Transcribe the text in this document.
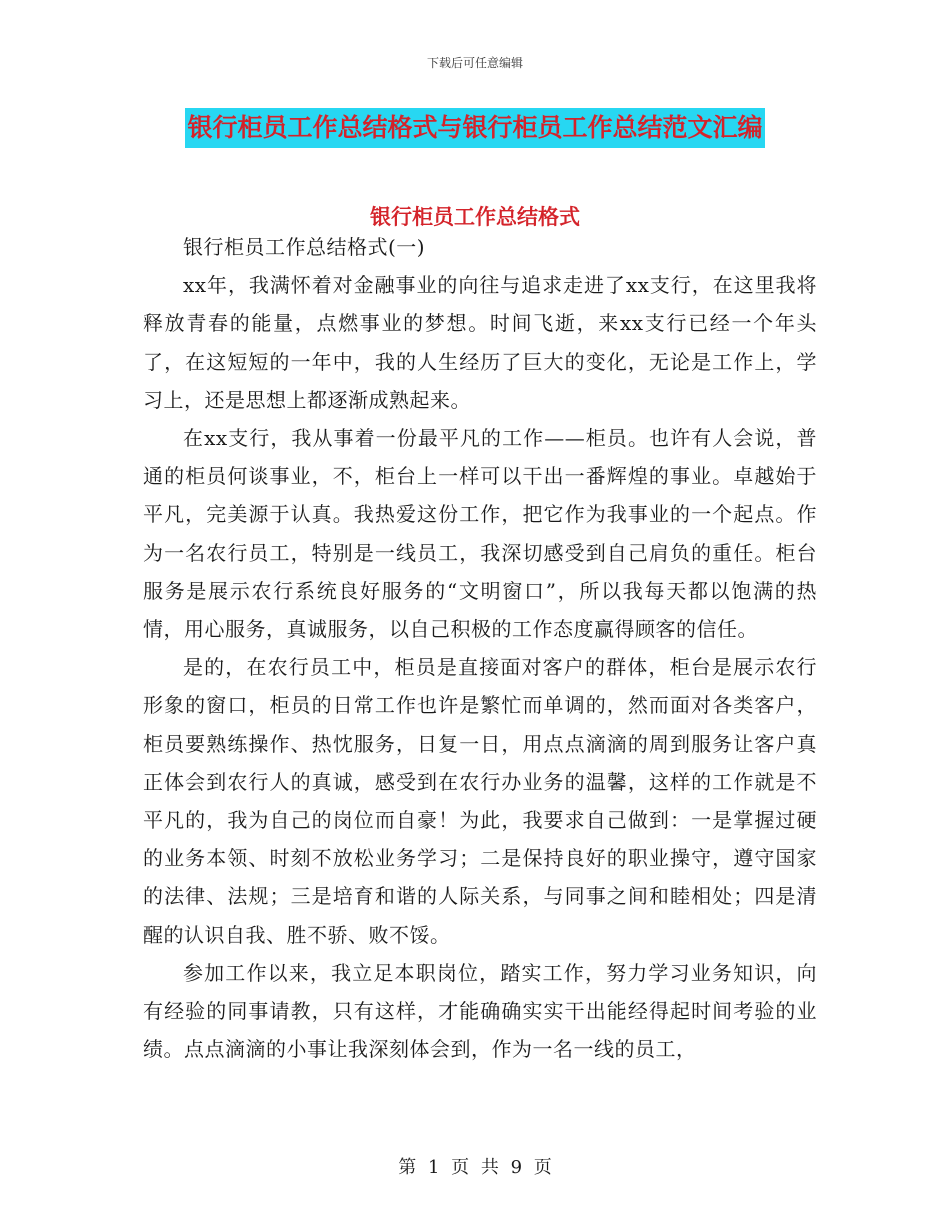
下载后可任意编辑
银行柜员工作总结格式与银行柜员工作总结范文汇编
银行柜员工作总结格式

银行柜员工作总结格式(一)

xx年，我满怀着对金融事业的向往与追求走进了xx支行，在这里我将释放青春的能量，点燃事业的梦想。时间飞逝，来xx支行已经一个年头了，在这短短的一年中，我的人生经历了巨大的变化，无论是工作上，学习上，还是思想上都逐渐成熟起来。

在xx支行，我从事着一份最平凡的工作——柜员。也许有人会说，普通的柜员何谈事业，不，柜台上一样可以干出一番辉煌的事业。卓越始于平凡，完美源于认真。我热爱这份工作，把它作为我事业的一个起点。作为一名农行员工，特别是一线员工，我深切感受到自己肩负的重任。柜台服务是展示农行系统良好服务的“文明窗口”，所以我每天都以饱满的热情，用心服务，真诚服务，以自己积极的工作态度赢得顾客的信任。

是的，在农行员工中，柜员是直接面对客户的群体，柜台是展示农行形象的窗口，柜员的日常工作也许是繁忙而单调的，然而面对各类客户，柜员要熟练操作、热忱服务，日复一日，用点点滴滴的周到服务让客户真正体会到农行人的真诚，感受到在农行办业务的温馨，这样的工作就是不平凡的，我为自己的岗位而自豪！为此，我要求自己做到：一是掌握过硬的业务本领、时刻不放松业务学习；二是保持良好的职业操守，遵守国家的法律、法规；三是培育和谐的人际关系，与同事之间和睦相处；四是清醒的认识自我、胜不骄、败不馁。

参加工作以来，我立足本职岗位，踏实工作，努力学习业务知识，向有经验的同事请教，只有这样，才能确确实实干出能经得起时间考验的业绩。点点滴滴的小事让我深刻体会到，作为一名一线的员工，

第 1 页 共 9 页
